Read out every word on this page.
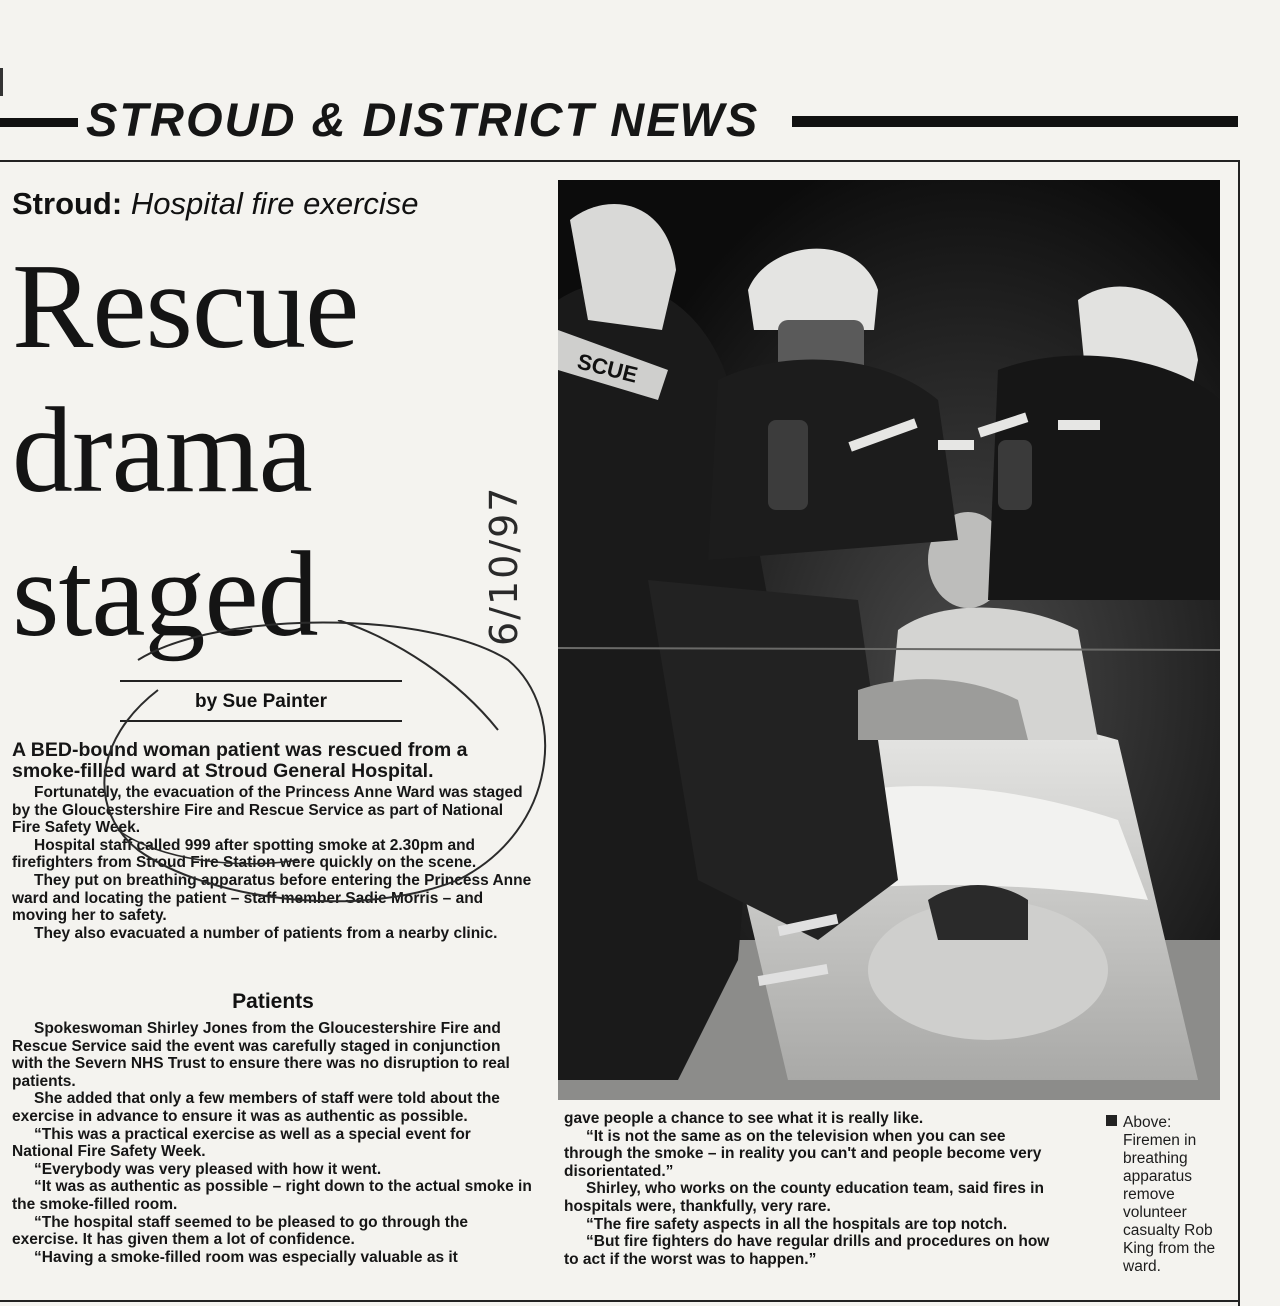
STROUD & DISTRICT NEWS
Stroud: Hospital fire exercise
Rescue
drama
staged	6/10/97
by Sue Painter
A BED-bound woman patient was rescued from a smoke-filled ward at Stroud General Hospital.

Fortunately, the evacuation of the Princess Anne Ward was staged by the Gloucestershire Fire and Rescue Service as part of National Fire Safety Week.

Hospital staff called 999 after spotting smoke at 2.30pm and firefighters from Stroud Fire Station were quickly on the scene.

They put on breathing apparatus before entering the Princess Anne ward and locating the patient – staff member Sadie Morris – and moving her to safety.

They also evacuated a number of patients from a nearby clinic.

Patients

Spokeswoman Shirley Jones from the Gloucestershire Fire and Rescue Service said the event was carefully staged in conjunction with the Severn NHS Trust to ensure there was no disruption to real patients.

She added that only a few members of staff were told about the exercise in advance to ensure it was as authentic as possible.

“This was a practical exercise as well as a special event for National Fire Safety Week.

“Everybody was very pleased with how it went.

“It was as authentic as possible – right down to the actual smoke in the smoke-filled room.

“The hospital staff seemed to be pleased to go through the exercise. It has given them a lot of confidence.

“Having a smoke-filled room was especially valuable as it

SCUE

gave people a chance to see what it is really like.

“It is not the same as on the television when you can see through the smoke – in reality you can't and people become very disorientated.”

Shirley, who works on the county education team, said fires in hospitals were, thankfully, very rare.

“The fire safety aspects in all the hospitals are top notch.

“But fire fighters do have regular drills and procedures on how to act if the worst was to happen.”

Above:
Firemen in breathing apparatus remove volunteer casualty Rob King from the ward.
